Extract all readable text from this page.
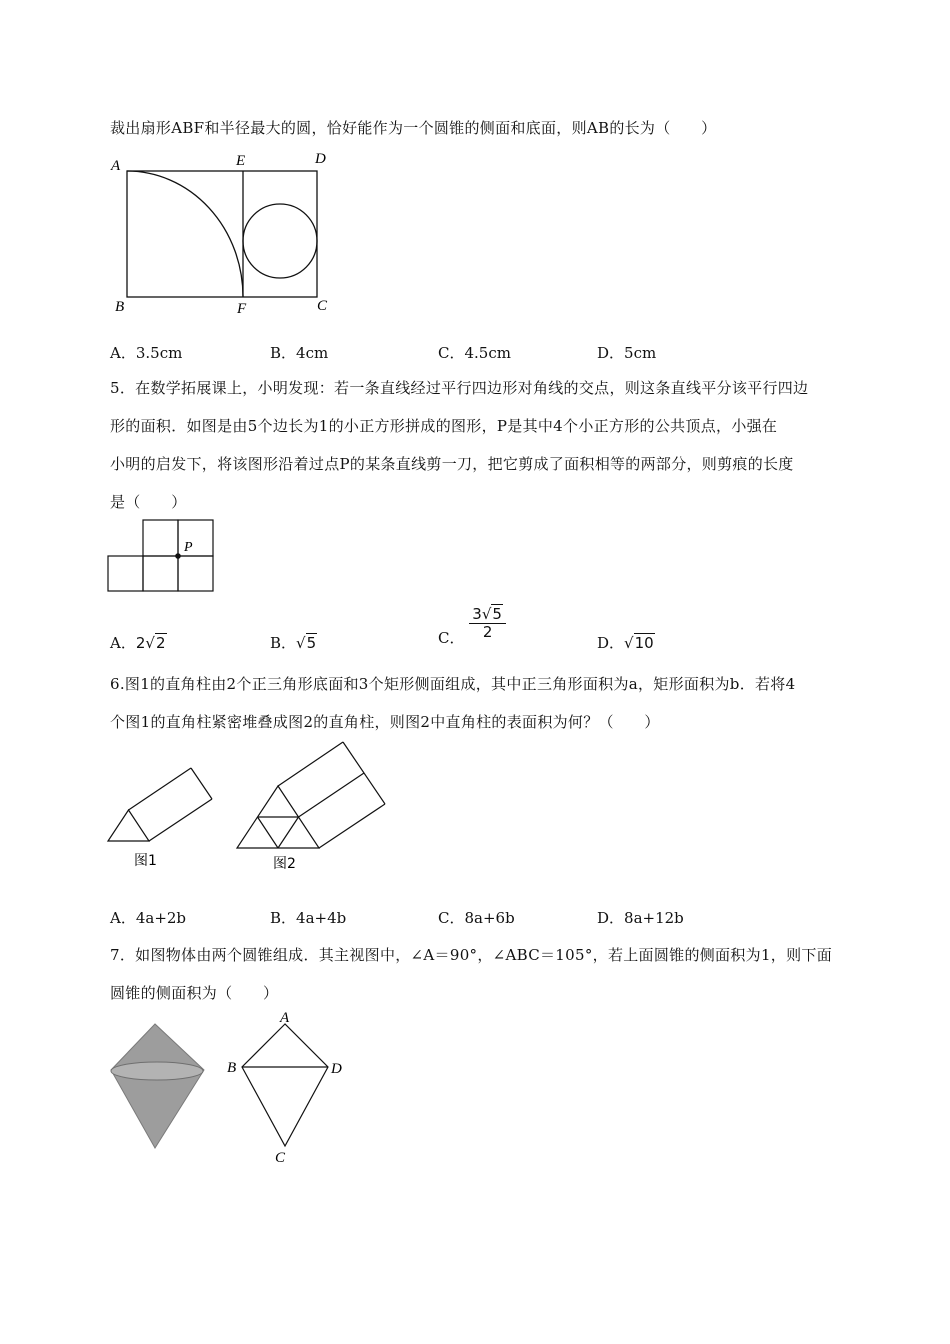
裁出扇形ABF和半径最大的圆，恰好能作为一个圆锥的侧面和底面，则AB的长为（　　）
A	E	D
B	F	C
A．3.5cm	B．4cm	C．4.5cm	D．5cm
5．在数学拓展课上，小明发现：若一条直线经过平行四边形对角线的交点，则这条直线平分该平行四边
形的面积．如图是由5个边长为1的小正方形拼成的图形，P是其中4个小正方形的公共顶点，小强在
小明的启发下，将该图形沿着过点P的某条直线剪一刀，把它剪成了面积相等的两部分，则剪痕的长度
是（　　）
P
A．2√2	B．√5	C． $\frac{3√5}{2}$
D．√10
6.图1的直角柱由2个正三角形底面和3个矩形侧面组成，其中正三角形面积为a，矩形面积为b．若将4
个图1的直角柱紧密堆叠成图2的直角柱，则图2中直角柱的表面积为何？（　　）
图1	图2
A．4a+2b	B．4a+4b	C．8a+6b	D．8a+12b
7．如图物体由两个圆锥组成．其主视图中，∠A＝90°，∠ABC＝105°，若上面圆锥的侧面积为1，则下面
圆锥的侧面积为（　　）
A
B	D
C
